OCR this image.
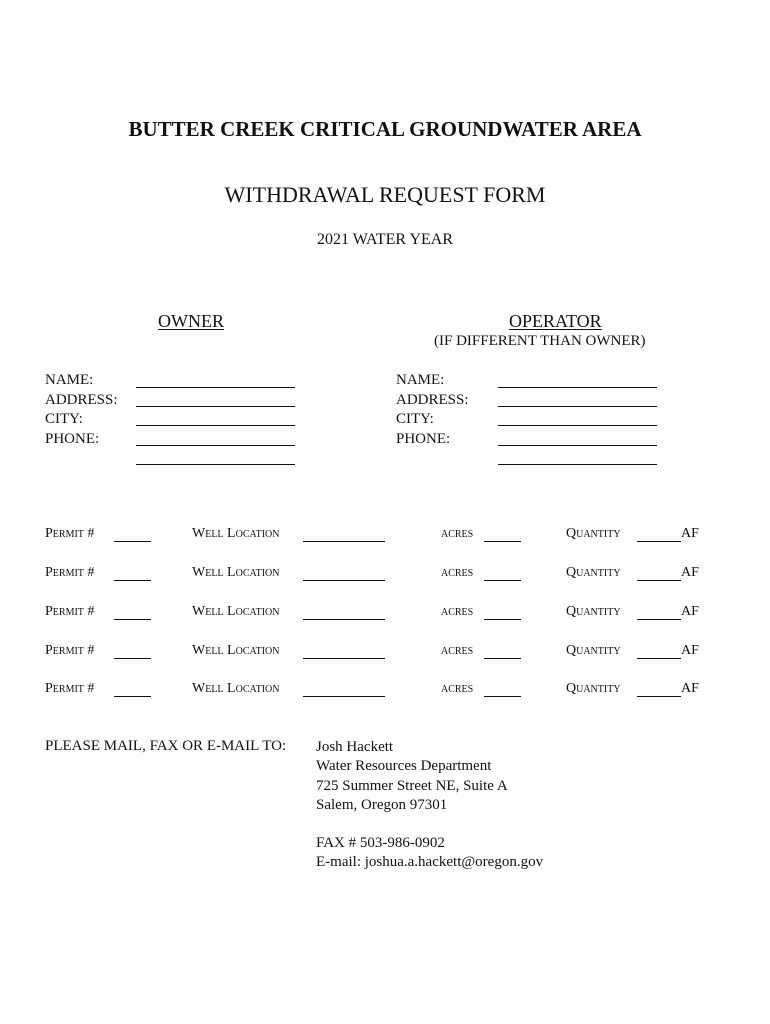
BUTTER CREEK CRITICAL GROUNDWATER AREA
WITHDRAWAL REQUEST FORM
2021 WATER YEAR
OWNER
NAME:
ADDRESS:
CITY:
PHONE:
OPERATOR
(IF DIFFERENT THAN OWNER)
NAME:
ADDRESS:
CITY:
PHONE:
Permit #	Well Location	acres	Quantity	AF
Permit #	Well Location	acres	Quantity	AF
Permit #	Well Location	acres	Quantity	AF
Permit #	Well Location	acres	Quantity	AF
Permit #	Well Location	acres	Quantity	AF
PLEASE MAIL, FAX OR E-MAIL TO: Josh Hackett
Water Resources Department
725 Summer Street NE, Suite A
Salem, Oregon 97301
FAX # 503-986-0902
E-mail: joshua.a.hackett@oregon.gov
